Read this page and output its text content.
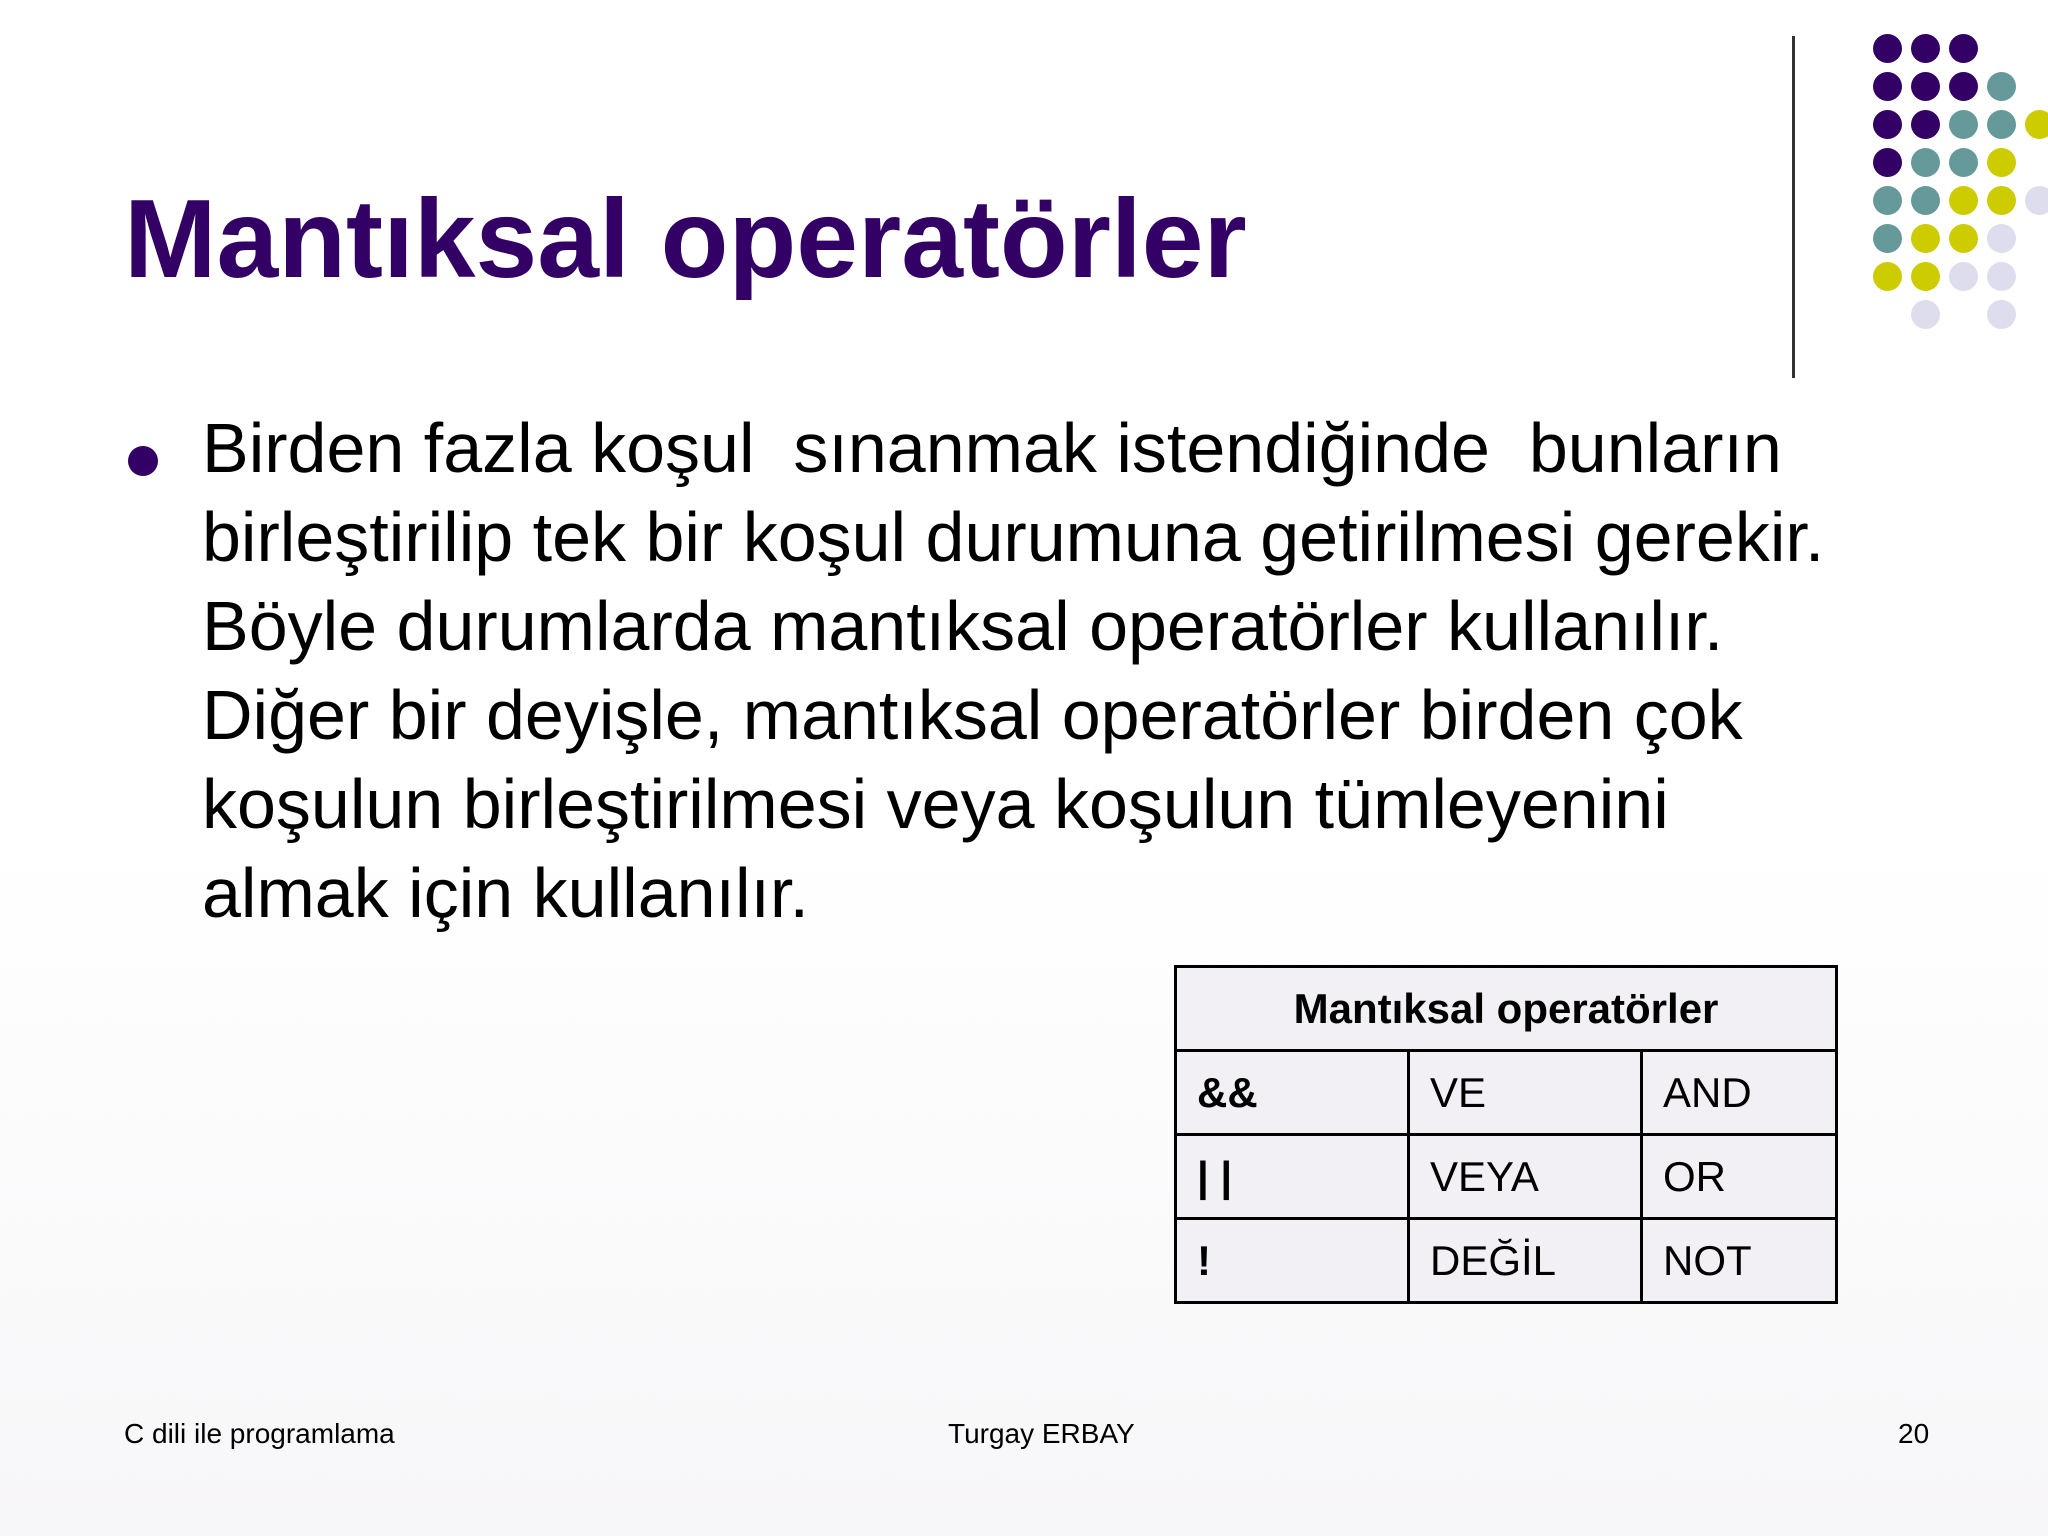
Mantıksal operatörler

Birden fazla koşul  sınanmak istendiğinde  bunların
birleştirilip tek bir koşul durumuna getirilmesi gerekir.
Böyle durumlarda mantıksal operatörler kullanılır.
Diğer bir deyişle, mantıksal operatörler birden çok
koşulun birleştirilmesi veya koşulun tümleyenini
almak için kullanılır.

Mantıksal operatörler		
&&	VE	AND
| |	VEYA	OR
!	DEĞİL	NOT
C dili ile programlama	Turgay ERBAY	20
